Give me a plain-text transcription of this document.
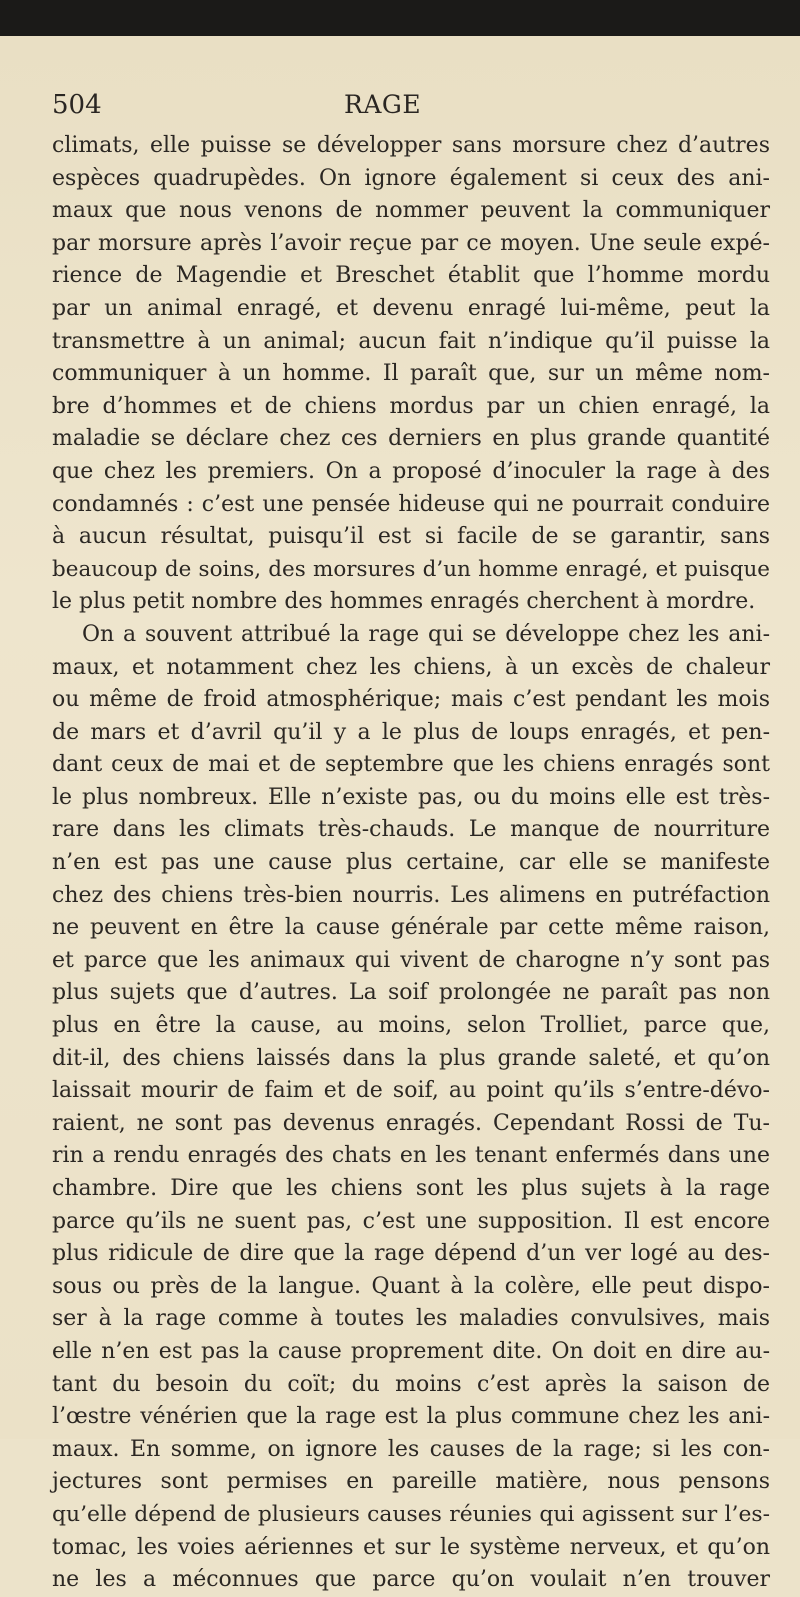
504	RAGE
climats, elle puisse se développer sans morsure chez d’autres
espèces quadrupèdes. On ignore également si ceux des ani-
maux que nous venons de nommer peuvent la communiquer
par morsure après l’avoir reçue par ce moyen. Une seule expé-
rience de Magendie et Breschet établit que l’homme mordu
par un animal enragé, et devenu enragé lui-même, peut la
transmettre à un animal; aucun fait n’indique qu’il puisse la
communiquer à un homme. Il paraît que, sur un même nom-
bre d’hommes et de chiens mordus par un chien enragé, la
maladie se déclare chez ces derniers en plus grande quantité
que chez les premiers. On a proposé d’inoculer la rage à des
condamnés : c’est une pensée hideuse qui ne pourrait conduire
à aucun résultat, puisqu’il est si facile de se garantir, sans
beaucoup de soins, des morsures d’un homme enragé, et puisque
le plus petit nombre des hommes enragés cherchent à mordre.
On a souvent attribué la rage qui se développe chez les ani-
maux, et notamment chez les chiens, à un excès de chaleur
ou même de froid atmosphérique; mais c’est pendant les mois
de mars et d’avril qu’il y a le plus de loups enragés, et pen-
dant ceux de mai et de septembre que les chiens enragés sont
le plus nombreux. Elle n’existe pas, ou du moins elle est très-
rare dans les climats très-chauds. Le manque de nourriture
n’en est pas une cause plus certaine, car elle se manifeste
chez des chiens très-bien nourris. Les alimens en putréfaction
ne peuvent en être la cause générale par cette même raison,
et parce que les animaux qui vivent de charogne n’y sont pas
plus sujets que d’autres. La soif prolongée ne paraît pas non
plus en être la cause, au moins, selon Trolliet, parce que,
dit-il, des chiens laissés dans la plus grande saleté, et qu’on
laissait mourir de faim et de soif, au point qu’ils s’entre-dévo-
raient, ne sont pas devenus enragés. Cependant Rossi de Tu-
rin a rendu enragés des chats en les tenant enfermés dans une
chambre. Dire que les chiens sont les plus sujets à la rage
parce qu’ils ne suent pas, c’est une supposition. Il est encore
plus ridicule de dire que la rage dépend d’un ver logé au des-
sous ou près de la langue. Quant à la colère, elle peut dispo-
ser à la rage comme à toutes les maladies convulsives, mais
elle n’en est pas la cause proprement dite. On doit en dire au-
tant du besoin du coït; du moins c’est après la saison de
l’œstre vénérien que la rage est la plus commune chez les ani-
maux. En somme, on ignore les causes de la rage; si les con-
jectures sont permises en pareille matière, nous pensons
qu’elle dépend de plusieurs causes réunies qui agissent sur l’es-
tomac, les voies aériennes et sur le système nerveux, et qu’on
ne les a méconnues que parce qu’on voulait n’en trouver
